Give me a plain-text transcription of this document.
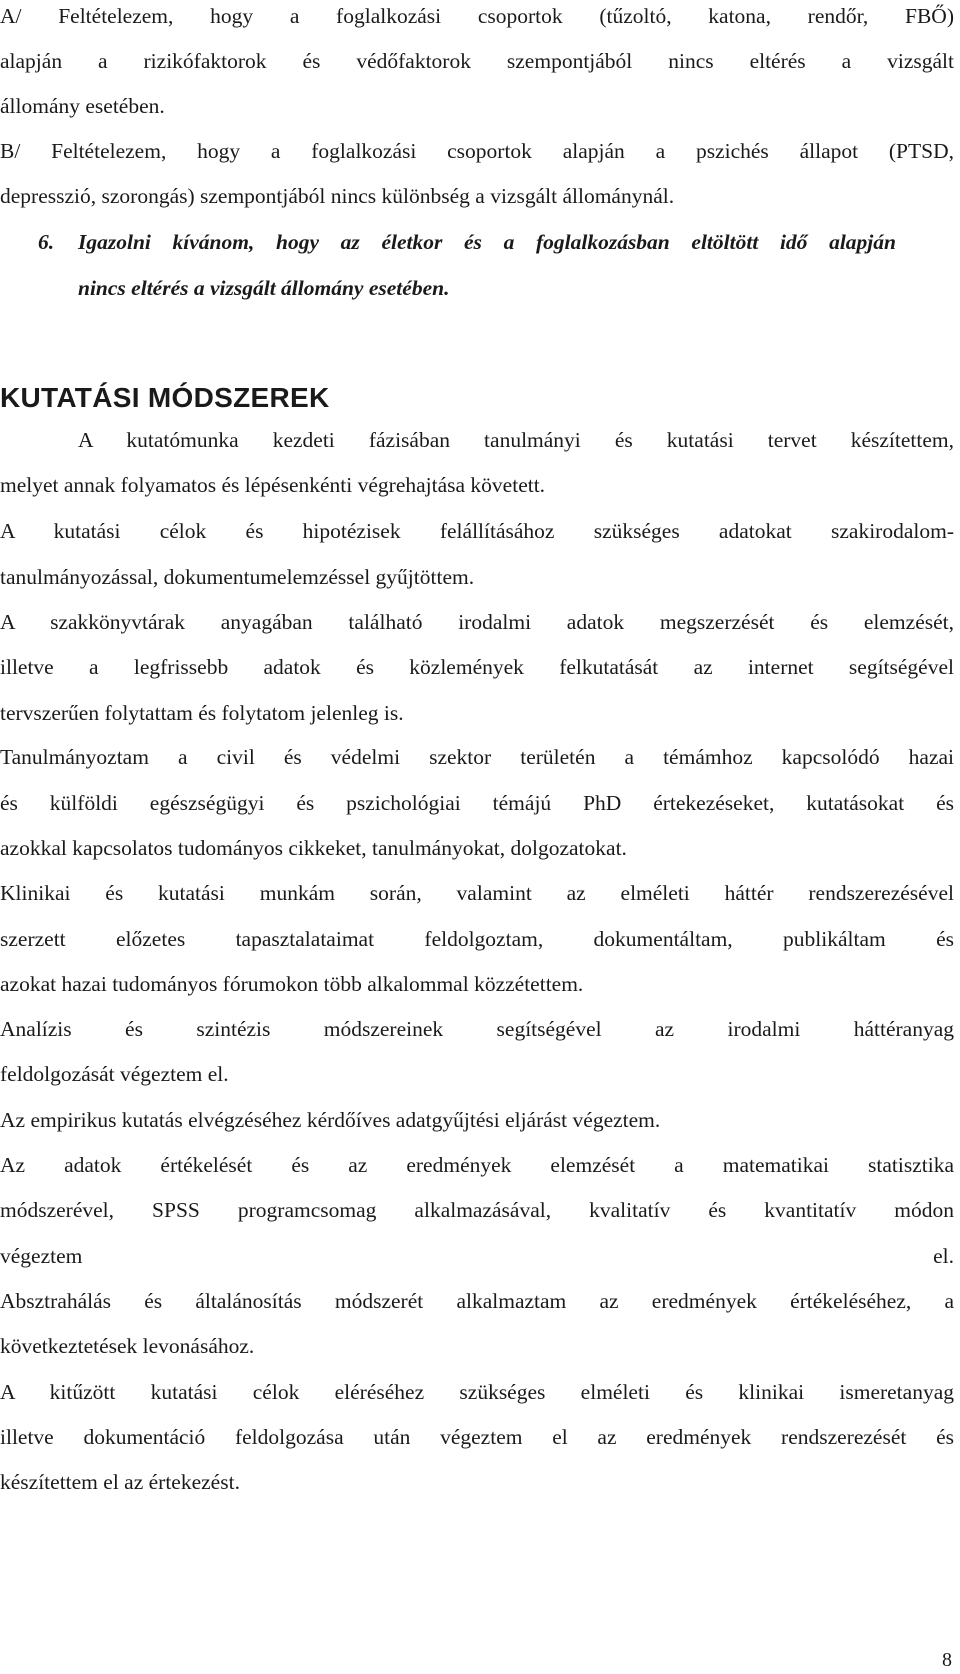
A/ Feltételezem, hogy a foglalkozási csoportok (tűzoltó, katona, rendőr, FBŐ)
alapján a rizikófaktorok és védőfaktorok szempontjából nincs eltérés a vizsgált
állomány esetében.
B/ Feltételezem, hogy a foglalkozási csoportok alapján a pszichés állapot (PTSD,
depresszió, szorongás) szempontjából nincs különbség a vizsgált állománynál.
6. Igazolni kívánom, hogy az életkor és a foglalkozásban eltöltött idő alapján
nincs eltérés a vizsgált állomány esetében.
KUTATÁSI MÓDSZEREK
A kutatómunka kezdeti fázisában tanulmányi és kutatási tervet készítettem,
melyet annak folyamatos és lépésenkénti végrehajtása követett.
A kutatási célok és hipotézisek felállításához szükséges adatokat szakirodalom-
tanulmányozással, dokumentumelemzéssel gyűjtöttem.
A szakkönyvtárak anyagában található irodalmi adatok megszerzését és elemzését,
illetve a legfrissebb adatok és közlemények felkutatását az internet segítségével
tervszerűen folytattam és folytatom jelenleg is.
Tanulmányoztam a civil és védelmi szektor területén a témámhoz kapcsolódó hazai
és külföldi egészségügyi és pszichológiai témájú PhD értekezéseket, kutatásokat és
azokkal kapcsolatos tudományos cikkeket, tanulmányokat, dolgozatokat.
Klinikai és kutatási munkám során, valamint az elméleti háttér rendszerezésével
szerzett előzetes tapasztalataimat feldolgoztam, dokumentáltam, publikáltam és
azokat hazai tudományos fórumokon több alkalommal közzétettem.
Analízis és szintézis módszereinek segítségével az irodalmi háttéranyag
feldolgozását végeztem el.
Az empirikus kutatás elvégzéséhez kérdőíves adatgyűjtési eljárást végeztem.
Az adatok értékelését és az eredmények elemzését a matematikai statisztika
módszerével, SPSS programcsomag alkalmazásával, kvalitatív és kvantitatív módon
végeztem el.
Absztrahálás és általánosítás módszerét alkalmaztam az eredmények értékeléséhez, a
következtetések levonásához.
A kitűzött kutatási célok eléréséhez szükséges elméleti és klinikai ismeretanyag
illetve dokumentáció feldolgozása után végeztem el az eredmények rendszerezését és
készítettem el az értekezést.
8
